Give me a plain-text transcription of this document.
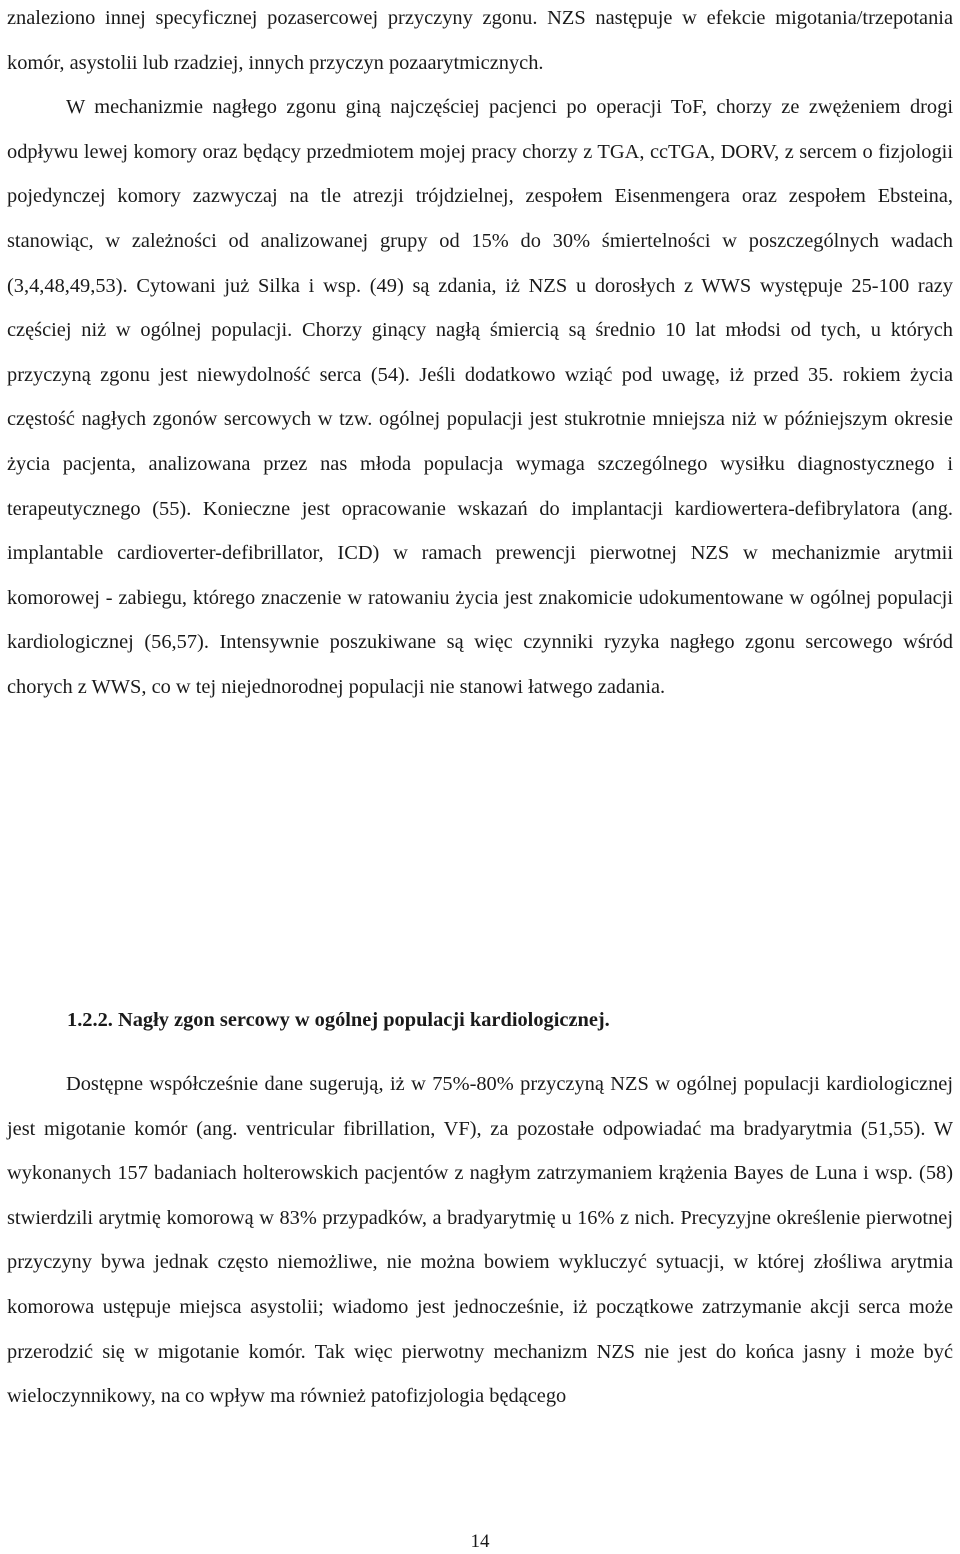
znaleziono innej specyficznej pozasercowej przyczyny zgonu. NZS następuje w efekcie migotania/trzepotania komór, asystolii lub rzadziej, innych przyczyn pozaarytmicznych.

W mechanizmie nagłego zgonu giną najczęściej pacjenci po operacji ToF, chorzy ze zwężeniem drogi odpływu lewej komory oraz będący przedmiotem mojej pracy chorzy z TGA, ccTGA, DORV, z sercem o fizjologii pojedynczej komory zazwyczaj na tle atrezji trójdzielnej, zespołem Eisenmengera oraz zespołem Ebsteina, stanowiąc, w zależności od analizowanej grupy od 15% do 30% śmiertelności w poszczególnych wadach (3,4,48,49,53). Cytowani już Silka i wsp. (49) są zdania, iż NZS u dorosłych z WWS występuje 25-100 razy częściej niż w ogólnej populacji. Chorzy ginący nagłą śmiercią są średnio 10 lat młodsi od tych, u których przyczyną zgonu jest niewydolność serca (54). Jeśli dodatkowo wziąć pod uwagę, iż przed 35. rokiem życia częstość nagłych zgonów sercowych w tzw. ogólnej populacji jest stukrotnie mniejsza niż w późniejszym okresie życia pacjenta, analizowana przez nas młoda populacja wymaga szczególnego wysiłku diagnostycznego i terapeutycznego (55). Konieczne jest opracowanie wskazań do implantacji kardiowertera-defibrylatora (ang. implantable cardioverter-defibrillator, ICD) w ramach prewencji pierwotnej NZS w mechanizmie arytmii komorowej - zabiegu, którego znaczenie w ratowaniu życia jest znakomicie udokumentowane w ogólnej populacji kardiologicznej (56,57). Intensywnie poszukiwane są więc czynniki ryzyka nagłego zgonu sercowego wśród chorych z WWS, co w tej niejednorodnej populacji nie stanowi łatwego zadania.

1.2.2. Nagły zgon sercowy w ogólnej populacji kardiologicznej.

Dostępne współcześnie dane sugerują, iż w 75%-80% przyczyną NZS w ogólnej populacji kardiologicznej jest migotanie komór (ang. ventricular fibrillation, VF), za pozostałe odpowiadać ma bradyarytmia (51,55). W wykonanych 157 badaniach holterowskich pacjentów z nagłym zatrzymaniem krążenia Bayes de Luna i wsp. (58) stwierdzili arytmię komorową w 83% przypadków, a bradyarytmię u 16% z nich. Precyzyjne określenie pierwotnej przyczyny bywa jednak często niemożliwe, nie można bowiem wykluczyć sytuacji, w której złośliwa arytmia komorowa ustępuje miejsca asystolii; wiadomo jest jednocześnie, iż początkowe zatrzymanie akcji serca może przerodzić się w migotanie komór. Tak więc pierwotny mechanizm NZS nie jest do końca jasny i może być wieloczynnikowy, na co wpływ ma również patofizjologia będącego

14
